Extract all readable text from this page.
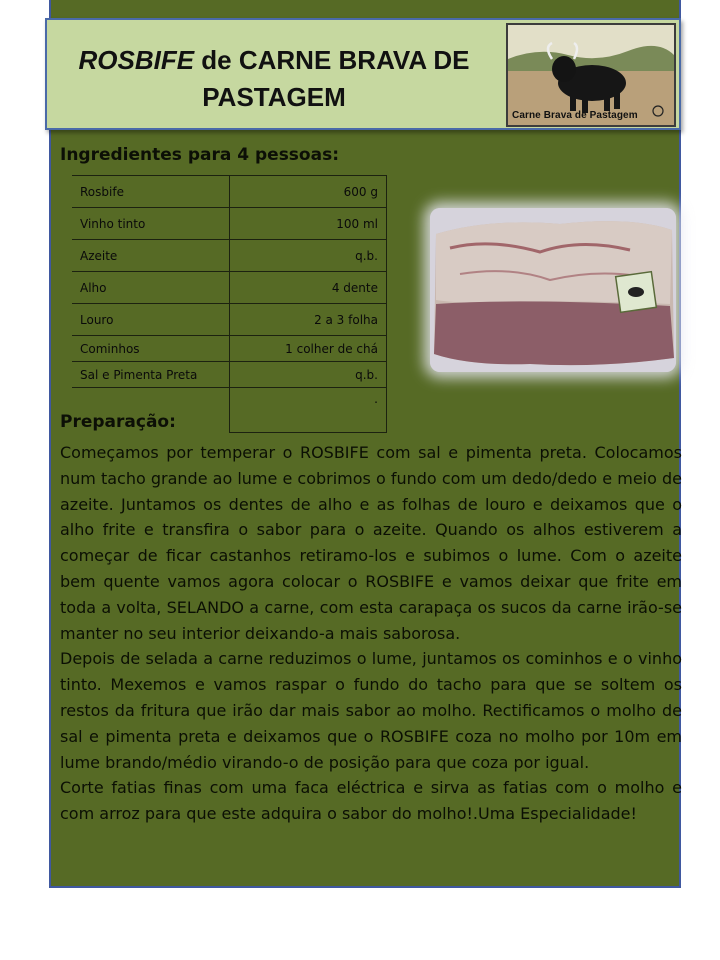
ROSBIFE de CARNE BRAVA DE PASTAGEM
Carne Brava de Pastagem
Ingredientes para 4 pessoas:
Rosbife	600 g
Vinho tinto	100 ml
Azeite	q.b.
Alho	4 dente
Louro	2 a 3 folha
Cominhos	1 colher de chá
Sal e Pimenta Preta	q.b.
	.
Preparação:

Começamos por temperar o ROSBIFE com sal e pimenta preta. Colocamos num tacho grande ao lume e cobrimos o fundo com um dedo/dedo e meio de azeite. Juntamos os dentes de alho e as folhas de louro e deixamos que o alho frite e transfira o sabor para o azeite. Quando os alhos estiverem a começar de ficar castanhos retiramo-los e subimos o lume. Com o azeite bem quente vamos agora colocar o ROSBIFE e vamos deixar que frite em toda a volta, SELANDO a carne, com esta carapaça os sucos da carne irão-se manter no seu interior deixando-a mais saborosa.

Depois de selada a carne reduzimos o lume, juntamos os cominhos e o vinho tinto. Mexemos e vamos raspar o fundo do tacho para que se soltem os restos da fritura que irão dar mais sabor ao molho. Rectificamos o molho de sal e pimenta preta e deixamos que o ROSBIFE coza no molho por 10m em lume brando/médio virando-o de posição para que coza por igual.

Corte fatias finas com uma faca eléctrica e sirva as fatias com o molho e com arroz para que este adquira o sabor do molho!.Uma Especialidade!
